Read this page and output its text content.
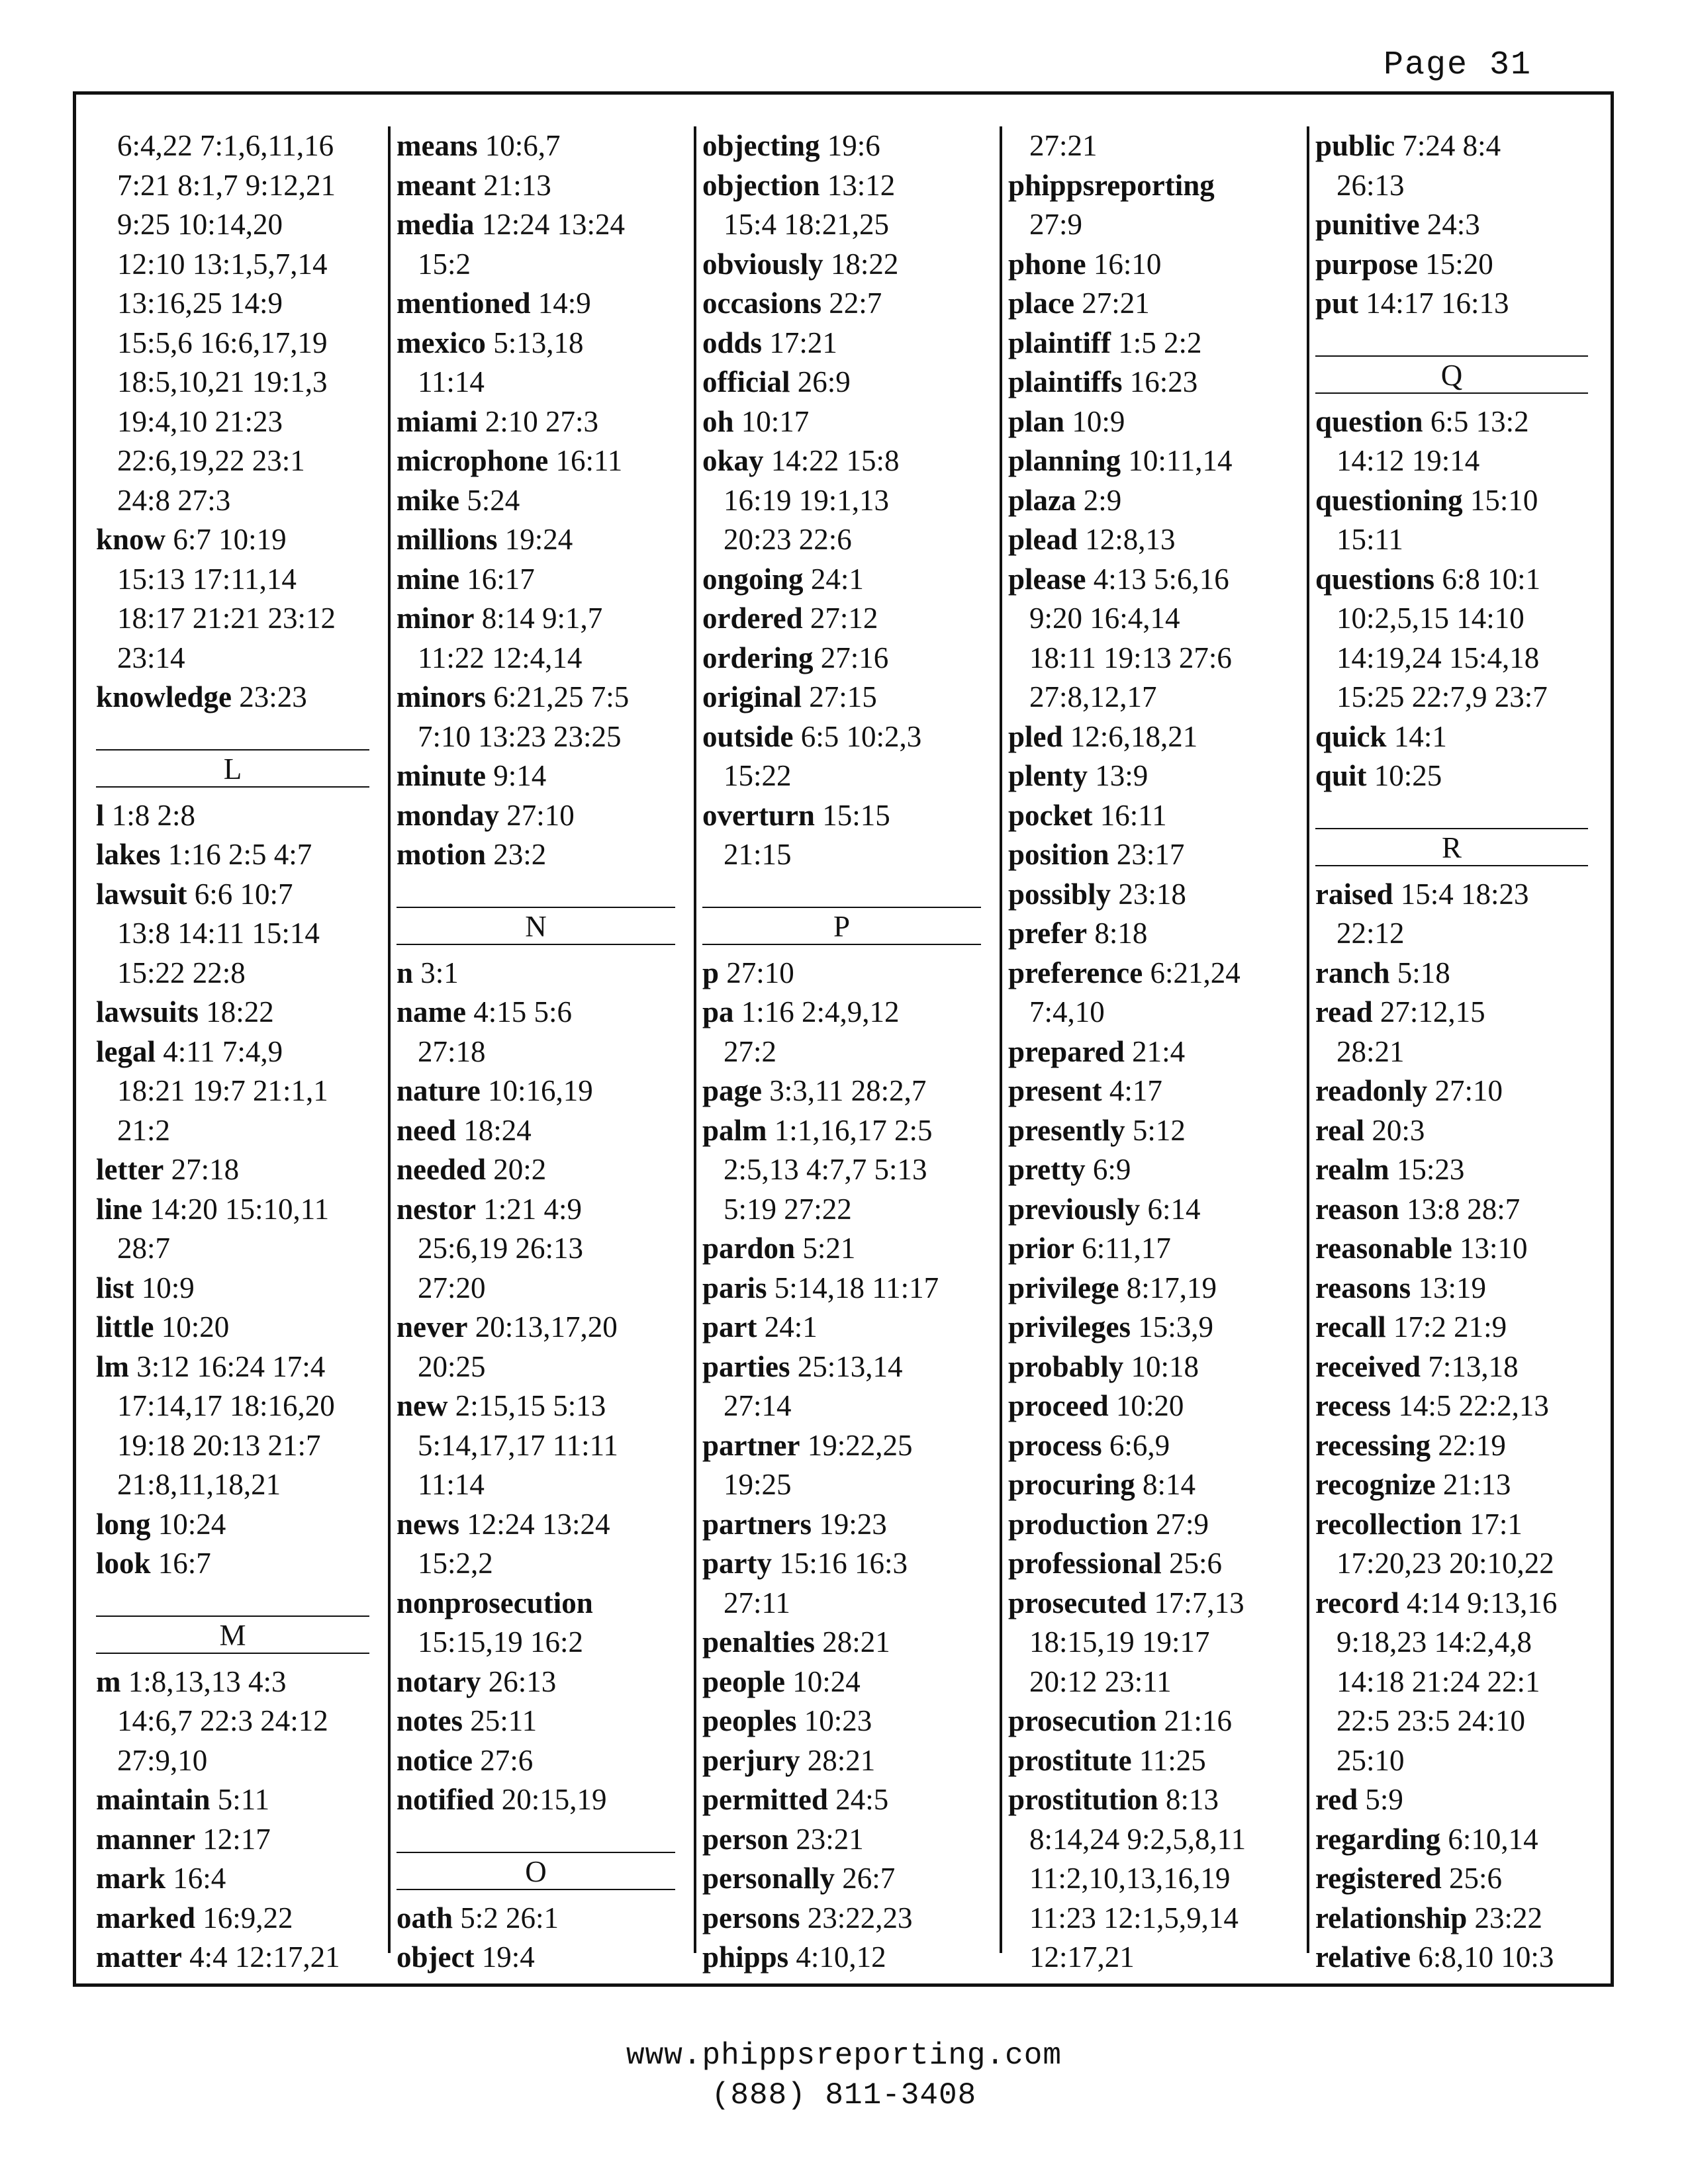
Page 31
6:4,22 7:1,6,11,16
7:21 8:1,7 9:12,21
9:25 10:14,20
12:10 13:1,5,7,14
13:16,25 14:9
15:5,6 16:6,17,19
18:5,10,21 19:1,3
19:4,10 21:23
22:6,19,22 23:1
24:8 27:3
know 6:7 10:19
15:13 17:11,14
18:17 21:21 23:12
23:14
knowledge 23:23
L
l 1:8 2:8
lakes 1:16 2:5 4:7
lawsuit 6:6 10:7
13:8 14:11 15:14
15:22 22:8
lawsuits 18:22
legal 4:11 7:4,9
18:21 19:7 21:1,1
21:2
letter 27:18
line 14:20 15:10,11
28:7
list 10:9
little 10:20
lm 3:12 16:24 17:4
17:14,17 18:16,20
19:18 20:13 21:7
21:8,11,18,21
long 10:24
look 16:7
M
m 1:8,13,13 4:3
14:6,7 22:3 24:12
27:9,10
maintain 5:11
manner 12:17
mark 16:4
marked 16:9,22
matter 4:4 12:17,21
means 10:6,7
meant 21:13
media 12:24 13:24
15:2
mentioned 14:9
mexico 5:13,18
11:14
miami 2:10 27:3
microphone 16:11
mike 5:24
millions 19:24
mine 16:17
minor 8:14 9:1,7
11:22 12:4,14
minors 6:21,25 7:5
7:10 13:23 23:25
minute 9:14
monday 27:10
motion 23:2
N
n 3:1
name 4:15 5:6
27:18
nature 10:16,19
need 18:24
needed 20:2
nestor 1:21 4:9
25:6,19 26:13
27:20
never 20:13,17,20
20:25
new 2:15,15 5:13
5:14,17,17 11:11
11:14
news 12:24 13:24
15:2,2
nonprosecution
15:15,19 16:2
notary 26:13
notes 25:11
notice 27:6
notified 20:15,19
O
oath 5:2 26:1
object 19:4
objecting 19:6
objection 13:12
15:4 18:21,25
obviously 18:22
occasions 22:7
odds 17:21
official 26:9
oh 10:17
okay 14:22 15:8
16:19 19:1,13
20:23 22:6
ongoing 24:1
ordered 27:12
ordering 27:16
original 27:15
outside 6:5 10:2,3
15:22
overturn 15:15
21:15
P
p 27:10
pa 1:16 2:4,9,12
27:2
page 3:3,11 28:2,7
palm 1:1,16,17 2:5
2:5,13 4:7,7 5:13
5:19 27:22
pardon 5:21
paris 5:14,18 11:17
part 24:1
parties 25:13,14
27:14
partner 19:22,25
19:25
partners 19:23
party 15:16 16:3
27:11
penalties 28:21
people 10:24
peoples 10:23
perjury 28:21
permitted 24:5
person 23:21
personally 26:7
persons 23:22,23
phipps 4:10,12
27:21
phippsreporting
27:9
phone 16:10
place 27:21
plaintiff 1:5 2:2
plaintiffs 16:23
plan 10:9
planning 10:11,14
plaza 2:9
plead 12:8,13
please 4:13 5:6,16
9:20 16:4,14
18:11 19:13 27:6
27:8,12,17
pled 12:6,18,21
plenty 13:9
pocket 16:11
position 23:17
possibly 23:18
prefer 8:18
preference 6:21,24
7:4,10
prepared 21:4
present 4:17
presently 5:12
pretty 6:9
previously 6:14
prior 6:11,17
privilege 8:17,19
privileges 15:3,9
probably 10:18
proceed 10:20
process 6:6,9
procuring 8:14
production 27:9
professional 25:6
prosecuted 17:7,13
18:15,19 19:17
20:12 23:11
prosecution 21:16
prostitute 11:25
prostitution 8:13
8:14,24 9:2,5,8,11
11:2,10,13,16,19
11:23 12:1,5,9,14
12:17,21
public 7:24 8:4
26:13
punitive 24:3
purpose 15:20
put 14:17 16:13
Q
question 6:5 13:2
14:12 19:14
questioning 15:10
15:11
questions 6:8 10:1
10:2,5,15 14:10
14:19,24 15:4,18
15:25 22:7,9 23:7
quick 14:1
quit 10:25
R
raised 15:4 18:23
22:12
ranch 5:18
read 27:12,15
28:21
readonly 27:10
real 20:3
realm 15:23
reason 13:8 28:7
reasonable 13:10
reasons 13:19
recall 17:2 21:9
received 7:13,18
recess 14:5 22:2,13
recessing 22:19
recognize 21:13
recollection 17:1
17:20,23 20:10,22
record 4:14 9:13,16
9:18,23 14:2,4,8
14:18 21:24 22:1
22:5 23:5 24:10
25:10
red 5:9
regarding 6:10,14
registered 25:6
relationship 23:22
relative 6:8,10 10:3
www.phippsreporting.com
(888) 811-3408
